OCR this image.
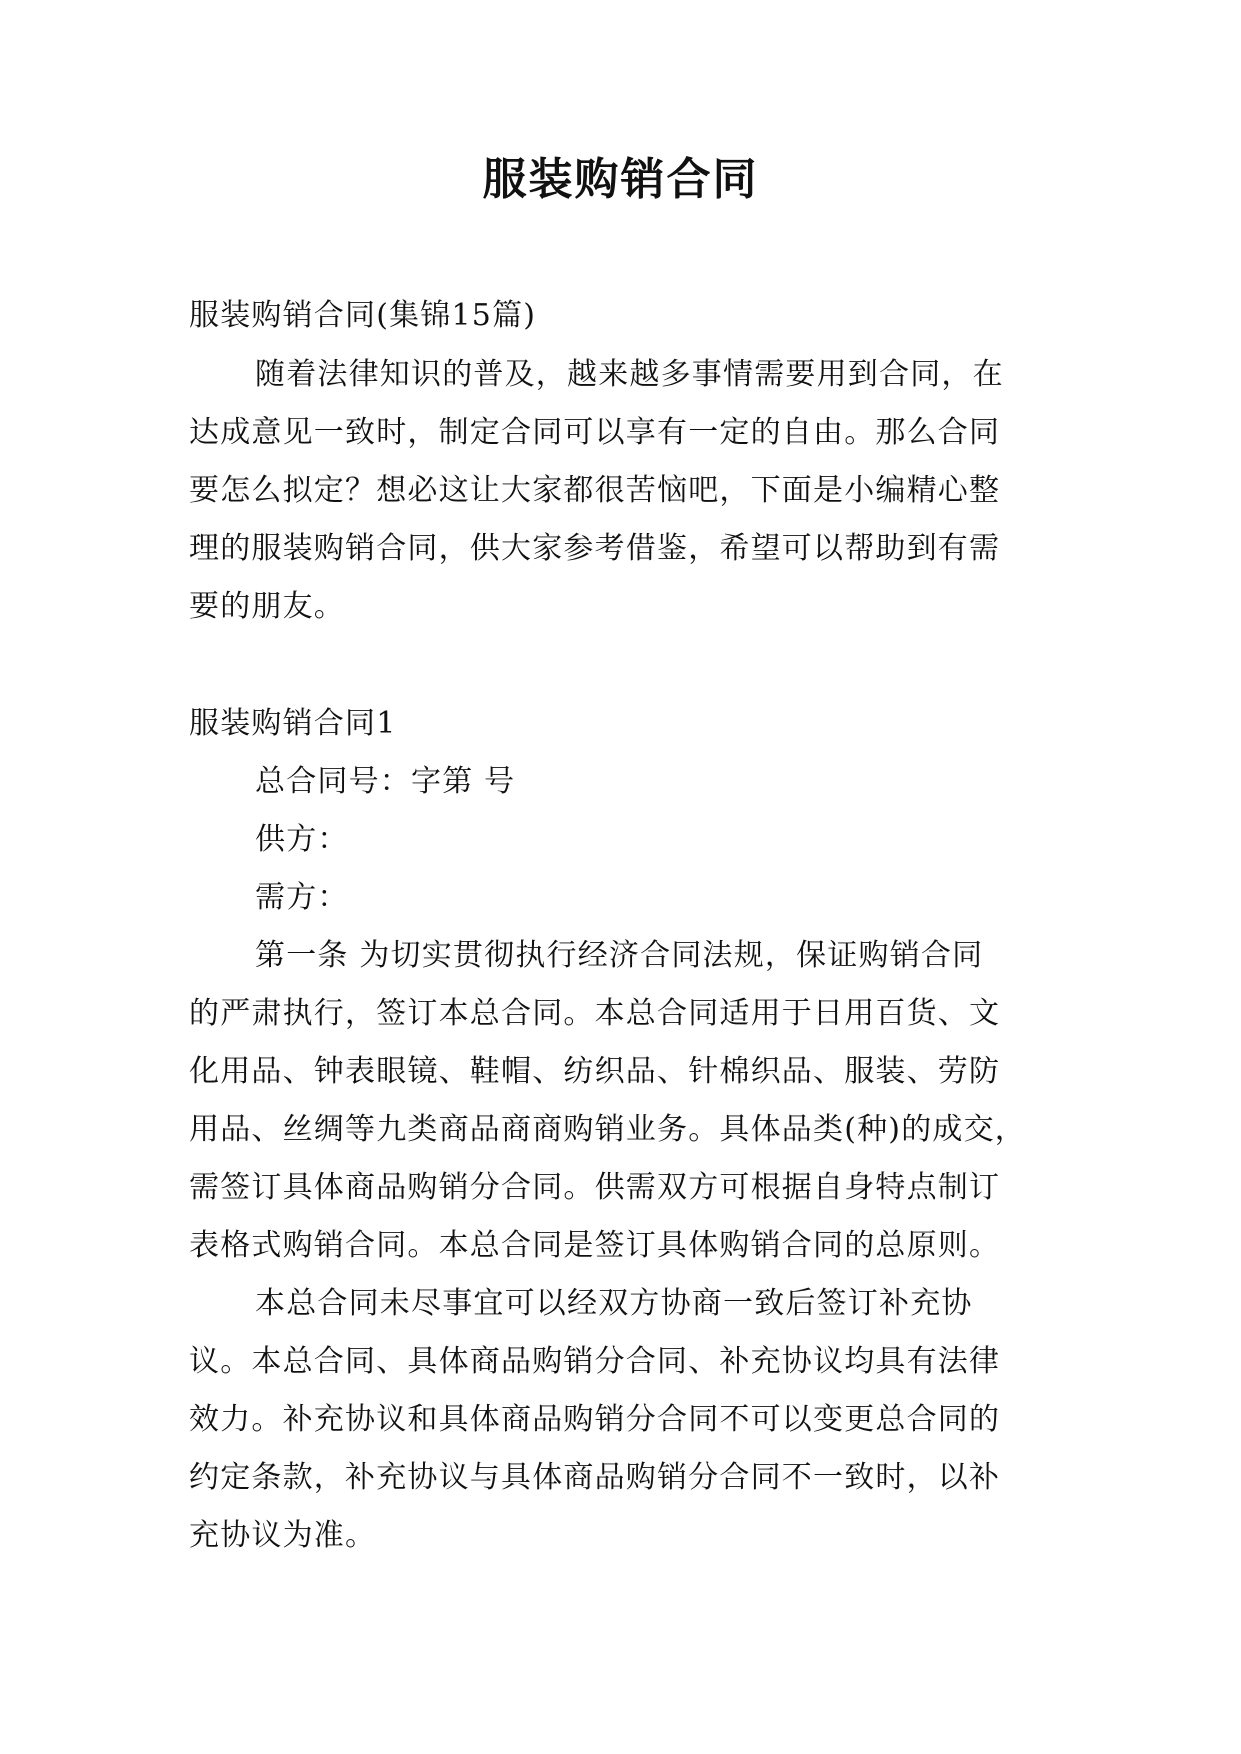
服装购销合同
服装购销合同(集锦15篇)
随着法律知识的普及，越来越多事情需要用到合同，在
达成意见一致时，制定合同可以享有一定的自由。那么合同
要怎么拟定？想必这让大家都很苦恼吧，下面是小编精心整
理的服装购销合同，供大家参考借鉴，希望可以帮助到有需
要的朋友。
服装购销合同1
总合同号：字第 号
供方：
需方：
第一条 为切实贯彻执行经济合同法规，保证购销合同
的严肃执行，签订本总合同。本总合同适用于日用百货、文
化用品、钟表眼镜、鞋帽、纺织品、针棉织品、服装、劳防
用品、丝绸等九类商品商商购销业务。具体品类(种)的成交，
需签订具体商品购销分合同。供需双方可根据自身特点制订
表格式购销合同。本总合同是签订具体购销合同的总原则。
本总合同未尽事宜可以经双方协商一致后签订补充协
议。本总合同、具体商品购销分合同、补充协议均具有法律
效力。补充协议和具体商品购销分合同不可以变更总合同的
约定条款，补充协议与具体商品购销分合同不一致时，以补
充协议为准。
